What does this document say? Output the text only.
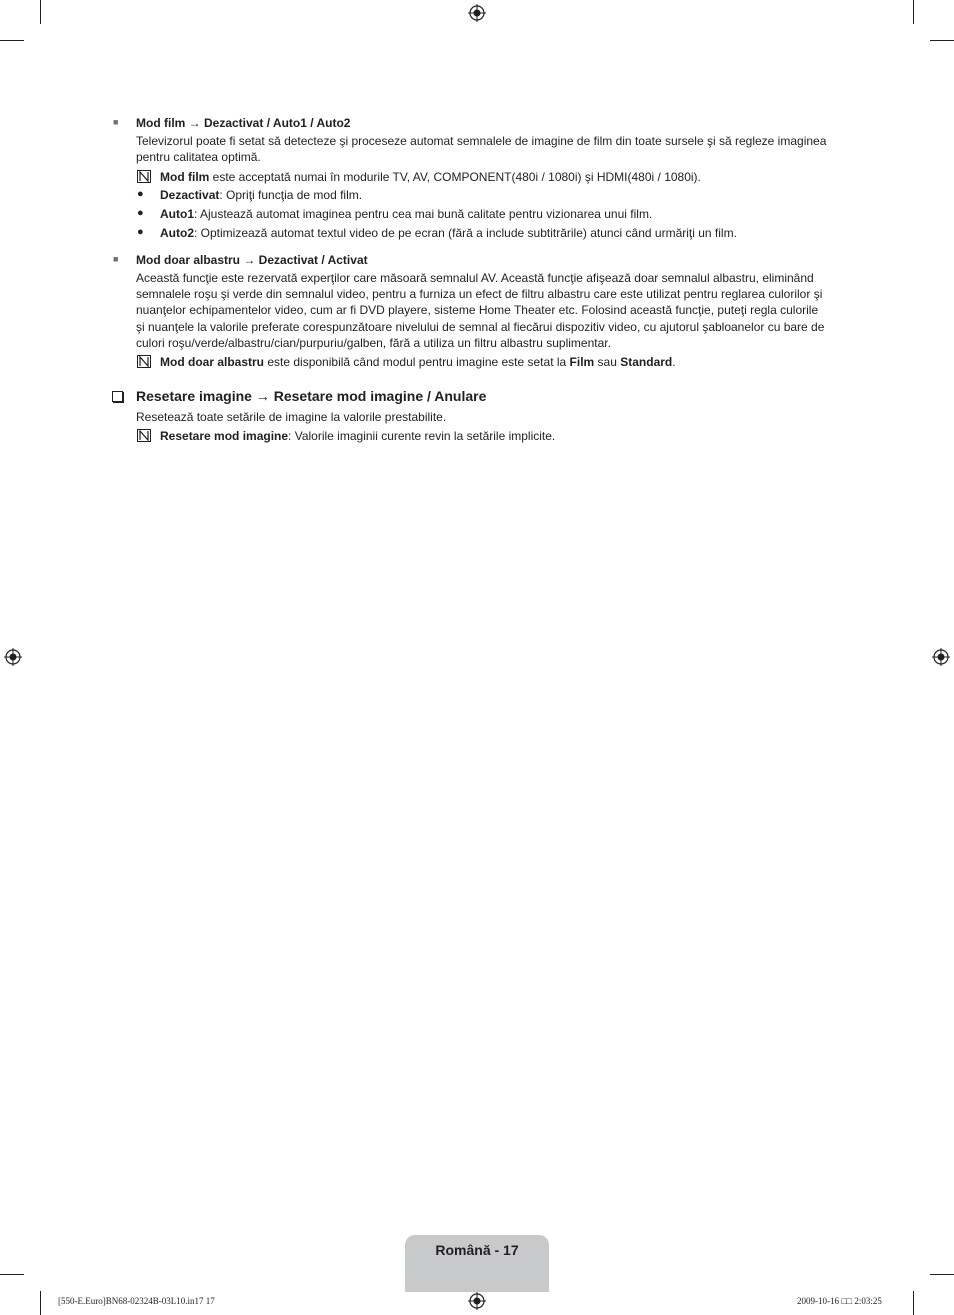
■ Mod film → Dezactivat / Auto1 / Auto2
Televizorul poate fi setat să detecteze şi proceseze automat semnalele de imagine de film din toate sursele şi să regleze imaginea pentru calitatea optimă.
Mod film este acceptată numai în modurile TV, AV, COMPONENT(480i / 1080i) şi HDMI(480i / 1080i).
● Dezactivat: Opriţi funcţia de mod film.
● Auto1: Ajustează automat imaginea pentru cea mai bună calitate pentru vizionarea unui film.
● Auto2: Optimizează automat textul video de pe ecran (fără a include subtitrările) atunci când urmăriţi un film.
■ Mod doar albastru → Dezactivat / Activat
Această funcţie este rezervată experţilor care măsoară semnalul AV. Această funcţie afişează doar semnalul albastru, eliminând
semnalele roşu şi verde din semnalul video, pentru a furniza un efect de filtru albastru care este utilizat pentru reglarea culorilor şi
nuanţelor echipamentelor video, cum ar fi DVD playere, sisteme Home Theater etc. Folosind această funcţie, puteţi regla culorile
şi nuanţele la valorile preferate corespunzătoare nivelului de semnal al fiecărui dispozitiv video, cu ajutorul şabloanelor cu bare de
culori roşu/verde/albastru/cian/purpuriu/galben, fără a utiliza un filtru albastru suplimentar.
Mod doar albastru este disponibilă când modul pentru imagine este setat la Film sau Standard.
Resetare imagine → Resetare mod imagine / Anulare
Resetează toate setările de imagine la valorile prestabilite.
Resetare mod imagine: Valorile imaginii curente revin la setările implicite.
Română - 17
[550-E.Euro]BN68-02324B-03L10.in17 17	2009-10-16 □□ 2:03:25
